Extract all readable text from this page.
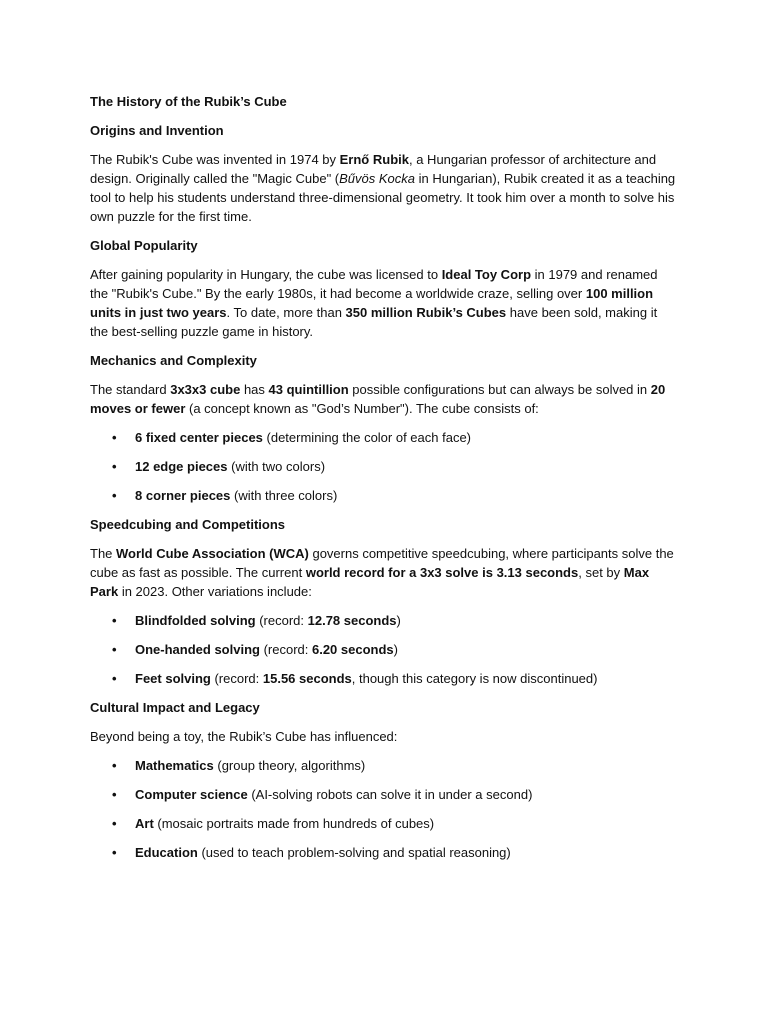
The History of the Rubik’s Cube
Origins and Invention

The Rubik's Cube was invented in 1974 by Ernő Rubik, a Hungarian professor of architecture and design. Originally called the "Magic Cube" (Bűvös Kocka in Hungarian), Rubik created it as a teaching tool to help his students understand three-dimensional geometry. It took him over a month to solve his own puzzle for the first time.

Global Popularity

After gaining popularity in Hungary, the cube was licensed to Ideal Toy Corp in 1979 and renamed the "Rubik's Cube." By the early 1980s, it had become a worldwide craze, selling over 100 million units in just two years. To date, more than 350 million Rubik’s Cubes have been sold, making it the best-selling puzzle game in history.

Mechanics and Complexity

The standard 3x3x3 cube has 43 quintillion possible configurations but can always be solved in 20 moves or fewer (a concept known as "God’s Number"). The cube consists of:

• 6 fixed center pieces (determining the color of each face)
• 12 edge pieces (with two colors)
• 8 corner pieces (with three colors)
Speedcubing and Competitions

The World Cube Association (WCA) governs competitive speedcubing, where participants solve the cube as fast as possible. The current world record for a 3x3 solve is 3.13 seconds, set by Max Park in 2023. Other variations include:

• Blindfolded solving (record: 12.78 seconds)
• One-handed solving (record: 6.20 seconds)
• Feet solving (record: 15.56 seconds, though this category is now discontinued)
Cultural Impact and Legacy

Beyond being a toy, the Rubik’s Cube has influenced:

• Mathematics (group theory, algorithms)
• Computer science (AI-solving robots can solve it in under a second)
• Art (mosaic portraits made from hundreds of cubes)
• Education (used to teach problem-solving and spatial reasoning)
